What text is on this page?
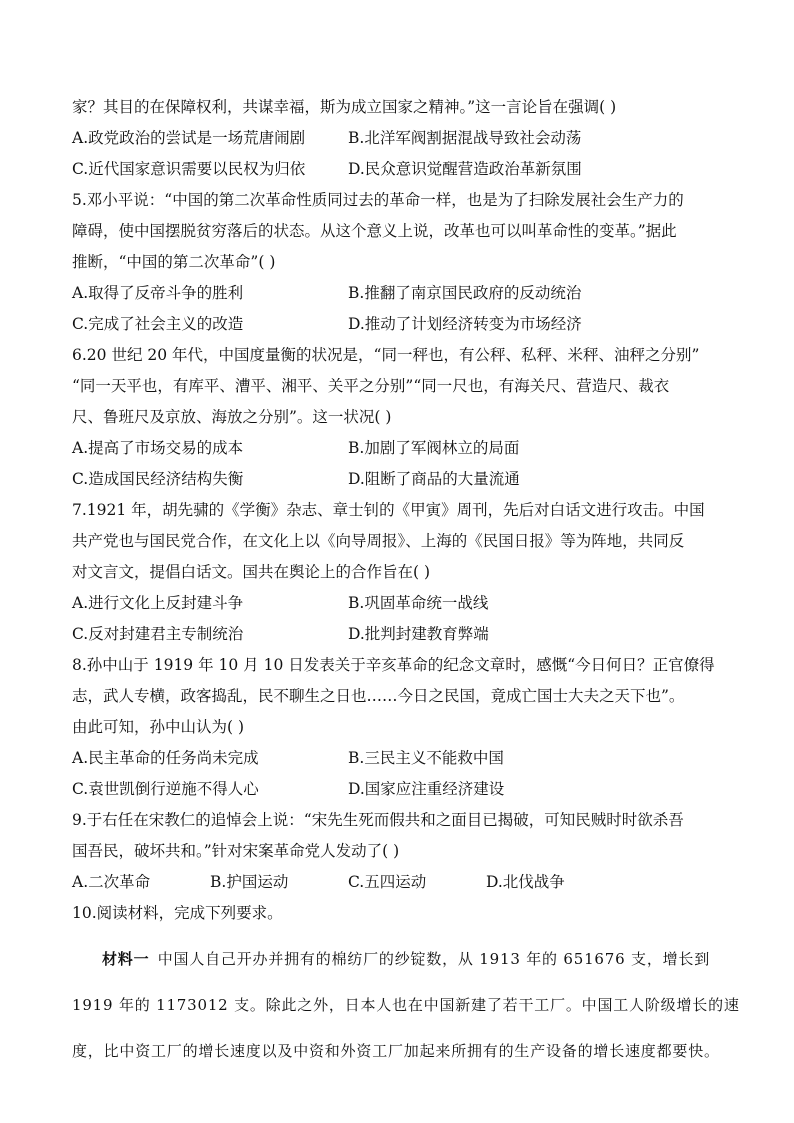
家？其目的在保障权利，共谋幸福，斯为成立国家之精神。”这一言论旨在强调( )

A.政党政治的尝试是一场荒唐闹剧	B.北洋军阀割据混战导致社会动荡
C.近代国家意识需要以民权为归依	D.民众意识觉醒营造政治革新氛围

5.邓小平说：“中国的第二次革命性质同过去的革命一样，也是为了扫除发展社会生产力的

障碍，使中国摆脱贫穷落后的状态。从这个意义上说，改革也可以叫革命性的变革。”据此

推断，“中国的第二次革命”( )

A.取得了反帝斗争的胜利	B.推翻了南京国民政府的反动统治
C.完成了社会主义的改造	D.推动了计划经济转变为市场经济

6.20 世纪 20 年代，中国度量衡的状况是，“同一秤也，有公秤、私秤、米秤、油秤之分别”

“同一天平也，有库平、漕平、湘平、关平之分别”“同一尺也，有海关尺、营造尺、裁衣

尺、鲁班尺及京放、海放之分别”。这一状况( )

A.提高了市场交易的成本	B.加剧了军阀林立的局面
C.造成国民经济结构失衡	D.阻断了商品的大量流通

7.1921 年，胡先骕的《学衡》杂志、章士钊的《甲寅》周刊，先后对白话文进行攻击。中国

共产党也与国民党合作，在文化上以《向导周报》、上海的《民国日报》等为阵地，共同反

对文言文，提倡白话文。国共在舆论上的合作旨在( )

A.进行文化上反封建斗争	B.巩固革命统一战线
C.反对封建君主专制统治	D.批判封建教育弊端

8.孙中山于 1919 年 10 月 10 日发表关于辛亥革命的纪念文章时，感慨“今日何日？正官僚得

志，武人专横，政客捣乱，民不聊生之日也……今日之民国，竟成亡国士大夫之天下也”。

由此可知，孙中山认为( )

A.民主革命的任务尚未完成	B.三民主义不能救中国
C.袁世凯倒行逆施不得人心	D.国家应注重经济建设

9.于右任在宋教仁的追悼会上说：“宋先生死而假共和之面目已揭破，可知民贼时时欲杀吾

国吾民，破坏共和。”针对宋案革命党人发动了( )

A.二次革命	B.护国运动	C.五四运动	D.北伐战争

10.阅读材料，完成下列要求。

材料一  中国人自己开办并拥有的棉纺厂的纱锭数，从 1913 年的 651676 支，增长到

1919 年的 1173012 支。除此之外，日本人也在中国新建了若干工厂。中国工人阶级增长的速

度，比中资工厂的增长速度以及中资和外资工厂加起来所拥有的生产设备的增长速度都要快。
